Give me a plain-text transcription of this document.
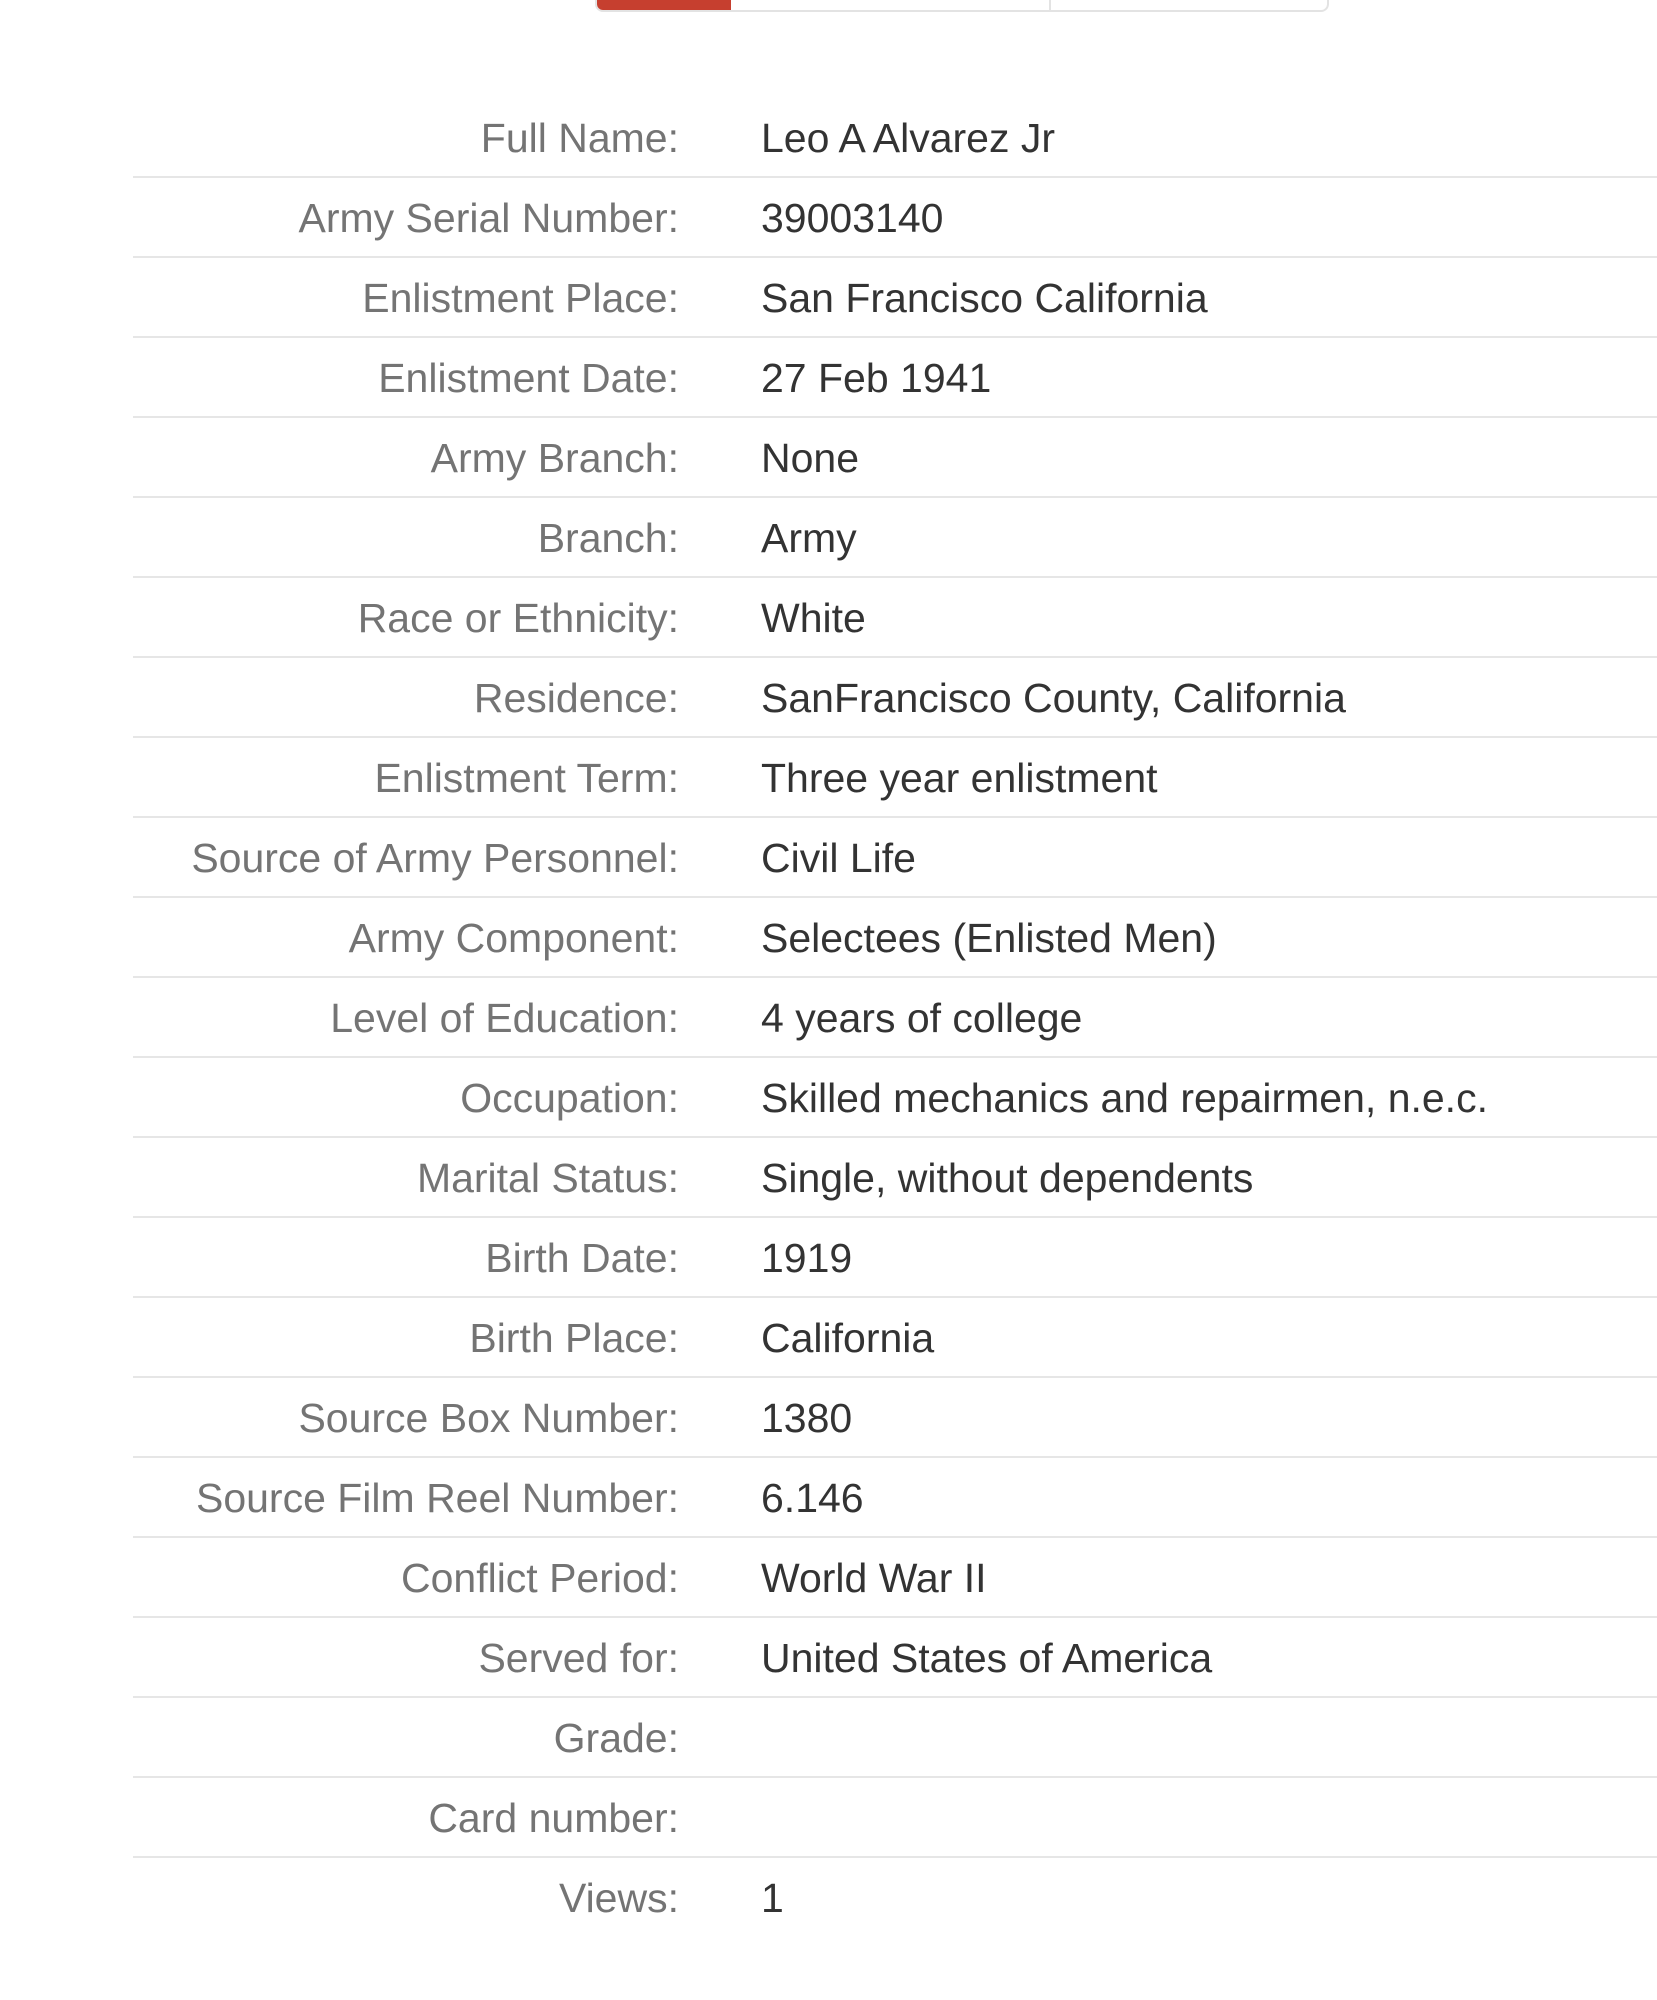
Full Name: Leo A Alvarez Jr
Army Serial Number: 39003140
Enlistment Place: San Francisco California
Enlistment Date: 27 Feb 1941
Army Branch: None
Branch: Army
Race or Ethnicity: White
Residence: SanFrancisco County, California
Enlistment Term: Three year enlistment
Source of Army Personnel: Civil Life
Army Component: Selectees (Enlisted Men)
Level of Education: 4 years of college
Occupation: Skilled mechanics and repairmen, n.e.c.
Marital Status: Single, without dependents
Birth Date: 1919
Birth Place: California
Source Box Number: 1380
Source Film Reel Number: 6.146
Conflict Period: World War II
Served for: United States of America
Grade:
Card number:
Views: 1
